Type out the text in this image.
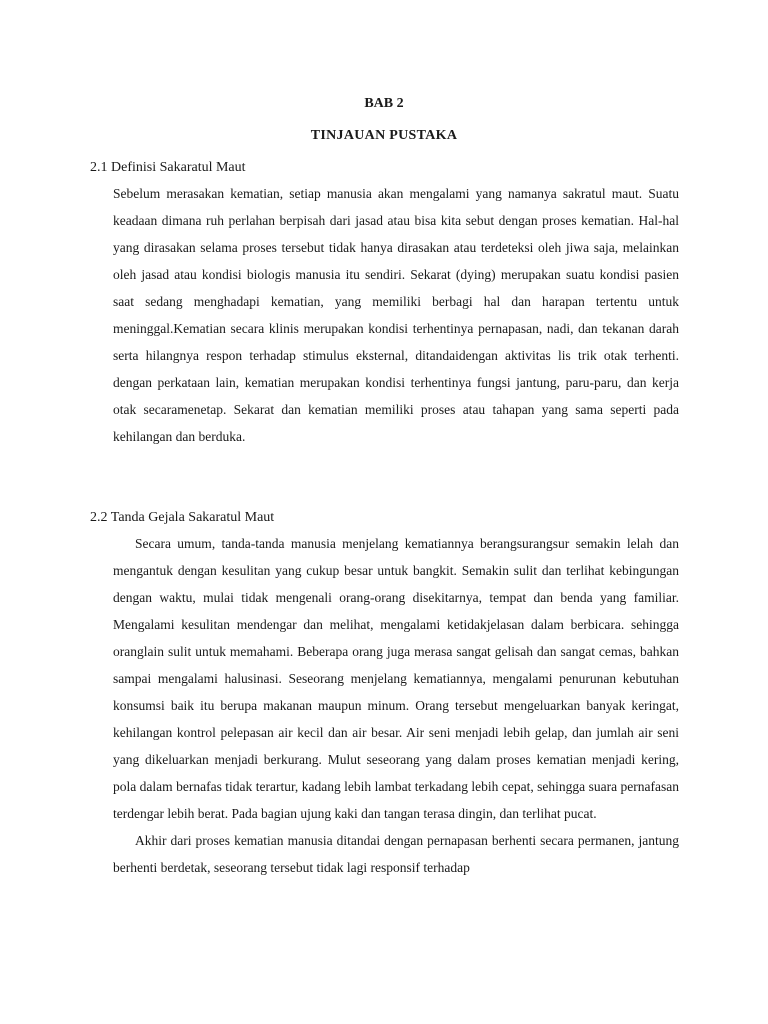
BAB 2
TINJAUAN PUSTAKA
2.1 Definisi Sakaratul Maut

Sebelum merasakan kematian, setiap manusia akan mengalami yang namanya sakratul maut. Suatu keadaan dimana ruh perlahan berpisah dari jasad atau bisa kita sebut dengan proses kematian. Hal-hal yang dirasakan selama proses tersebut tidak hanya dirasakan atau terdeteksi oleh jiwa saja, melainkan oleh jasad atau kondisi biologis manusia itu sendiri. Sekarat (dying) merupakan suatu kondisi pasien saat sedang menghadapi kematian, yang memiliki berbagi hal dan harapan tertentu untuk meninggal.Kematian secara klinis merupakan kondisi terhentinya pernapasan, nadi, dan tekanan darah serta hilangnya respon terhadap stimulus eksternal, ditandaidengan aktivitas lis trik otak terhenti. dengan perkataan lain, kematian merupakan kondisi terhentinya fungsi jantung, paru-paru, dan kerja otak secaramenetap. Sekarat dan kematian memiliki proses atau tahapan yang sama seperti pada kehilangan dan berduka.

2.2 Tanda Gejala Sakaratul Maut

Secara umum, tanda-tanda manusia menjelang kematiannya berangsurangsur semakin lelah dan mengantuk dengan kesulitan yang cukup besar untuk bangkit. Semakin sulit dan terlihat kebingungan dengan waktu, mulai tidak mengenali orang-orang disekitarnya, tempat dan benda yang familiar. Mengalami kesulitan mendengar dan melihat, mengalami ketidakjelasan dalam berbicara. sehingga oranglain sulit untuk memahami. Beberapa orang juga merasa sangat gelisah dan sangat cemas, bahkan sampai mengalami halusinasi. Seseorang menjelang kematiannya, mengalami penurunan kebutuhan konsumsi baik itu berupa makanan maupun minum. Orang tersebut mengeluarkan banyak keringat, kehilangan kontrol pelepasan air kecil dan air besar. Air seni menjadi lebih gelap, dan jumlah air seni yang dikeluarkan menjadi berkurang. Mulut seseorang yang dalam proses kematian menjadi kering, pola dalam bernafas tidak terartur, kadang lebih lambat terkadang lebih cepat, sehingga suara pernafasan terdengar lebih berat. Pada bagian ujung kaki dan tangan terasa dingin, dan terlihat pucat.

Akhir dari proses kematian manusia ditandai dengan pernapasan berhenti secara permanen, jantung berhenti berdetak, seseorang tersebut tidak lagi responsif terhadap
